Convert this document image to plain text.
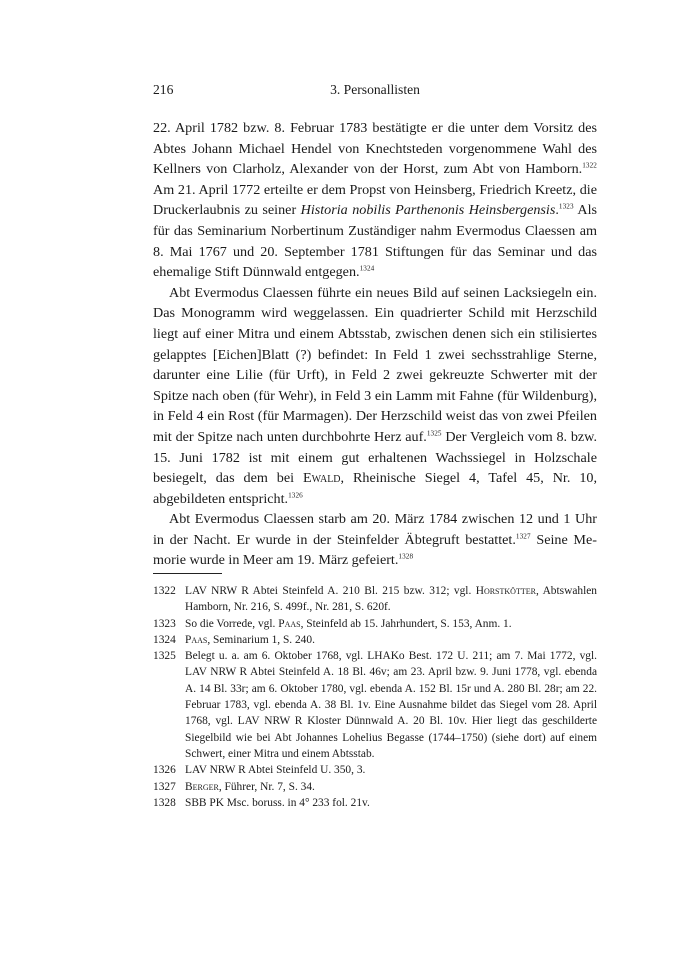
216	3. Personallisten

22. April 1782 bzw. 8. Februar 1783 bestätigte er die unter dem Vorsitz des Abtes Johann Michael Hendel von Knechtsteden vorgenommene Wahl des Kellners von Clarholz, Alexander von der Horst, zum Abt von Hamborn.$^{1322}$ Am 21. April 1772 erteilte er dem Propst von Heinsberg, Friedrich Kreetz, die Druckerlaubnis zu seiner Historia nobilis Parthenonis Heinsbergensis.$^{1323}$ Als für das Seminarium Norbertinum Zuständiger nahm Evermodus Claessen am 8. Mai 1767 und 20. September 1781 Stiftungen für das Seminar und das ehemalige Stift Dünnwald entgegen.$^{1324}$

Abt Evermodus Claessen führte ein neues Bild auf seinen Lacksiegeln ein. Das Monogramm wird weggelassen. Ein quadrierter Schild mit Herzschild liegt auf einer Mitra und einem Abtsstab, zwischen denen sich ein stilisiertes gelapptes [Eichen]Blatt (?) befindet: In Feld 1 zwei sechsstrahlige Sterne, darunter eine Lilie (für Urft), in Feld 2 zwei gekreuzte Schwerter mit der Spitze nach oben (für Wehr), in Feld 3 ein Lamm mit Fahne (für Wildenburg), in Feld 4 ein Rost (für Marmagen). Der Herzschild weist das von zwei Pfeilen mit der Spitze nach unten durchbohrte Herz auf.$^{1325}$ Der Vergleich vom 8. bzw. 15. Juni 1782 ist mit einem gut erhaltenen Wachssiegel in Holzschale besiegelt, das dem bei Ewald, Rheinische Siegel 4, Tafel 45, Nr. 10, abgebildeten entspricht.$^{1326}$

Abt Evermodus Claessen starb am 20. März 1784 zwischen 12 und 1 Uhr in der Nacht. Er wurde in der Steinfelder Äbtegruft bestattet.$^{1327}$ Seine Memorie wurde in Meer am 19. März gefeiert.$^{1328}$

1322 LAV NRW R Abtei Steinfeld A. 210 Bl. 215 bzw. 312; vgl. Horstkötter, Abtswahlen Hamborn, Nr. 216, S. 499f., Nr. 281, S. 620f.
1323 So die Vorrede, vgl. Paas, Steinfeld ab 15. Jahrhundert, S. 153, Anm. 1.
1324 Paas, Seminarium 1, S. 240.
1325 Belegt u. a. am 6. Oktober 1768, vgl. LHAKo Best. 172 U. 211; am 7. Mai 1772, vgl. LAV NRW R Abtei Steinfeld A. 18 Bl. 46v; am 23. April bzw. 9. Juni 1778, vgl. ebenda A. 14 Bl. 33r; am 6. Oktober 1780, vgl. ebenda A. 152 Bl. 15r und A. 280 Bl. 28r; am 22. Februar 1783, vgl. ebenda A. 38 Bl. 1v. Eine Ausnahme bildet das Siegel vom 28. April 1768, vgl. LAV NRW R Kloster Dünnwald A. 20 Bl. 10v. Hier liegt das geschilderte Siegelbild wie bei Abt Johannes Lohelius Begasse (1744–1750) (siehe dort) auf einem Schwert, einer Mitra und einem Abtsstab.
1326 LAV NRW R Abtei Steinfeld U. 350, 3.
1327 Berger, Führer, Nr. 7, S. 34.
1328 SBB PK Msc. boruss. in 4° 233 fol. 21v.
